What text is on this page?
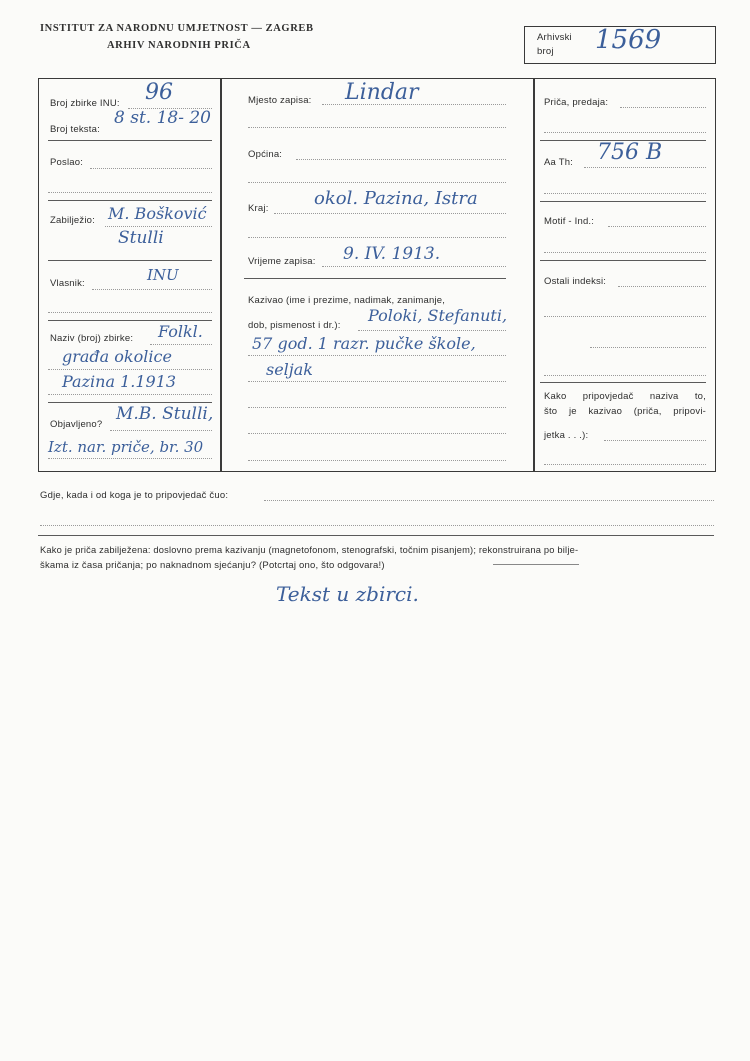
INSTITUT ZA NARODNU UMJETNOST — ZAGREB
ARHIV NARODNIH PRIČA
Arhivski
broj 1569
Broj zbirke INU: 96
Broj teksta:
8 st. 18- 20
Poslao:
Zabilježio: M. Bošković
Stulli
Vlasnik:	INU
Naziv (broj) zbirke: Folkl.
građa okolice
Pazina 1.1913
Objavljeno?
M.B. Stulli,
Izt. nar. priče, br. 30
Mjesto zapisa: Lindar
Općina:
Kraj:	okol. Pazina, Istra
Vrijeme zapisa: 9. IV. 1913.
Kazivao (ime i prezime, nadimak, zanimanje,
dob, pismenost i dr.):
Poloki, Stefanuti,
57 god. 1 razr. pučke škole,
seljak
Priča, predaja:
Aa Th: 756 B
Motif - Ind.:
Ostali indeksi:
Kako pripovjedač naziva to,
što je kazivao (priča, pripovi-
jetka . . .):
Gdje, kada i od koga je to pripovjedač čuo:
Kako je priča zabilježena: doslovno prema kazivanju (magnetofonom, stenografski, točnim pisanjem); rekonstruirana po bilje-
škama iz časa pričanja; po naknadnom sjećanju? (Potcrtaj ono, što odgovara!)
Tekst u zbirci.
